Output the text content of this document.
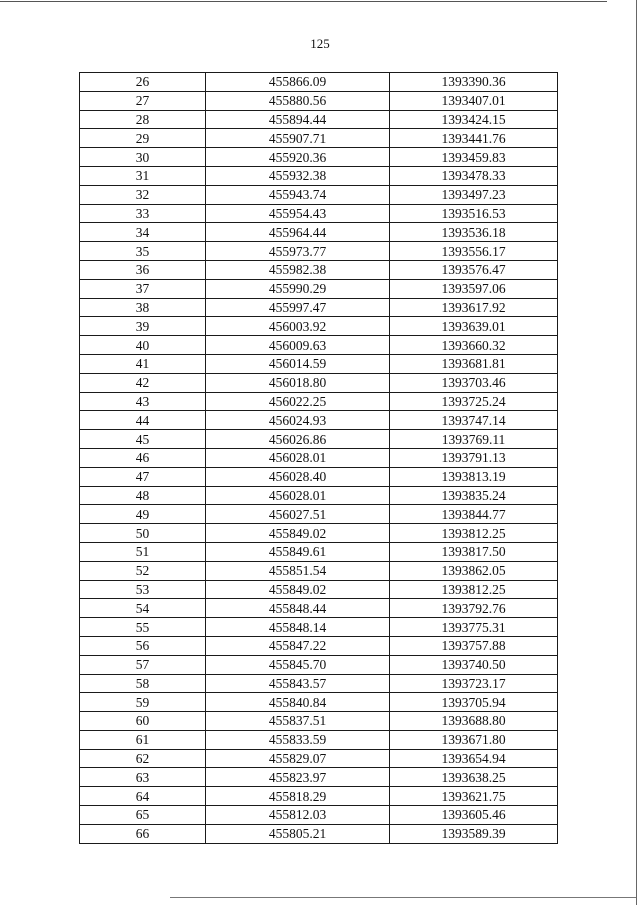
125
26	455866.09	1393390.36
27	455880.56	1393407.01
28	455894.44	1393424.15
29	455907.71	1393441.76
30	455920.36	1393459.83
31	455932.38	1393478.33
32	455943.74	1393497.23
33	455954.43	1393516.53
34	455964.44	1393536.18
35	455973.77	1393556.17
36	455982.38	1393576.47
37	455990.29	1393597.06
38	455997.47	1393617.92
39	456003.92	1393639.01
40	456009.63	1393660.32
41	456014.59	1393681.81
42	456018.80	1393703.46
43	456022.25	1393725.24
44	456024.93	1393747.14
45	456026.86	1393769.11
46	456028.01	1393791.13
47	456028.40	1393813.19
48	456028.01	1393835.24
49	456027.51	1393844.77
50	455849.02	1393812.25
51	455849.61	1393817.50
52	455851.54	1393862.05
53	455849.02	1393812.25
54	455848.44	1393792.76
55	455848.14	1393775.31
56	455847.22	1393757.88
57	455845.70	1393740.50
58	455843.57	1393723.17
59	455840.84	1393705.94
60	455837.51	1393688.80
61	455833.59	1393671.80
62	455829.07	1393654.94
63	455823.97	1393638.25
64	455818.29	1393621.75
65	455812.03	1393605.46
66	455805.21	1393589.39
